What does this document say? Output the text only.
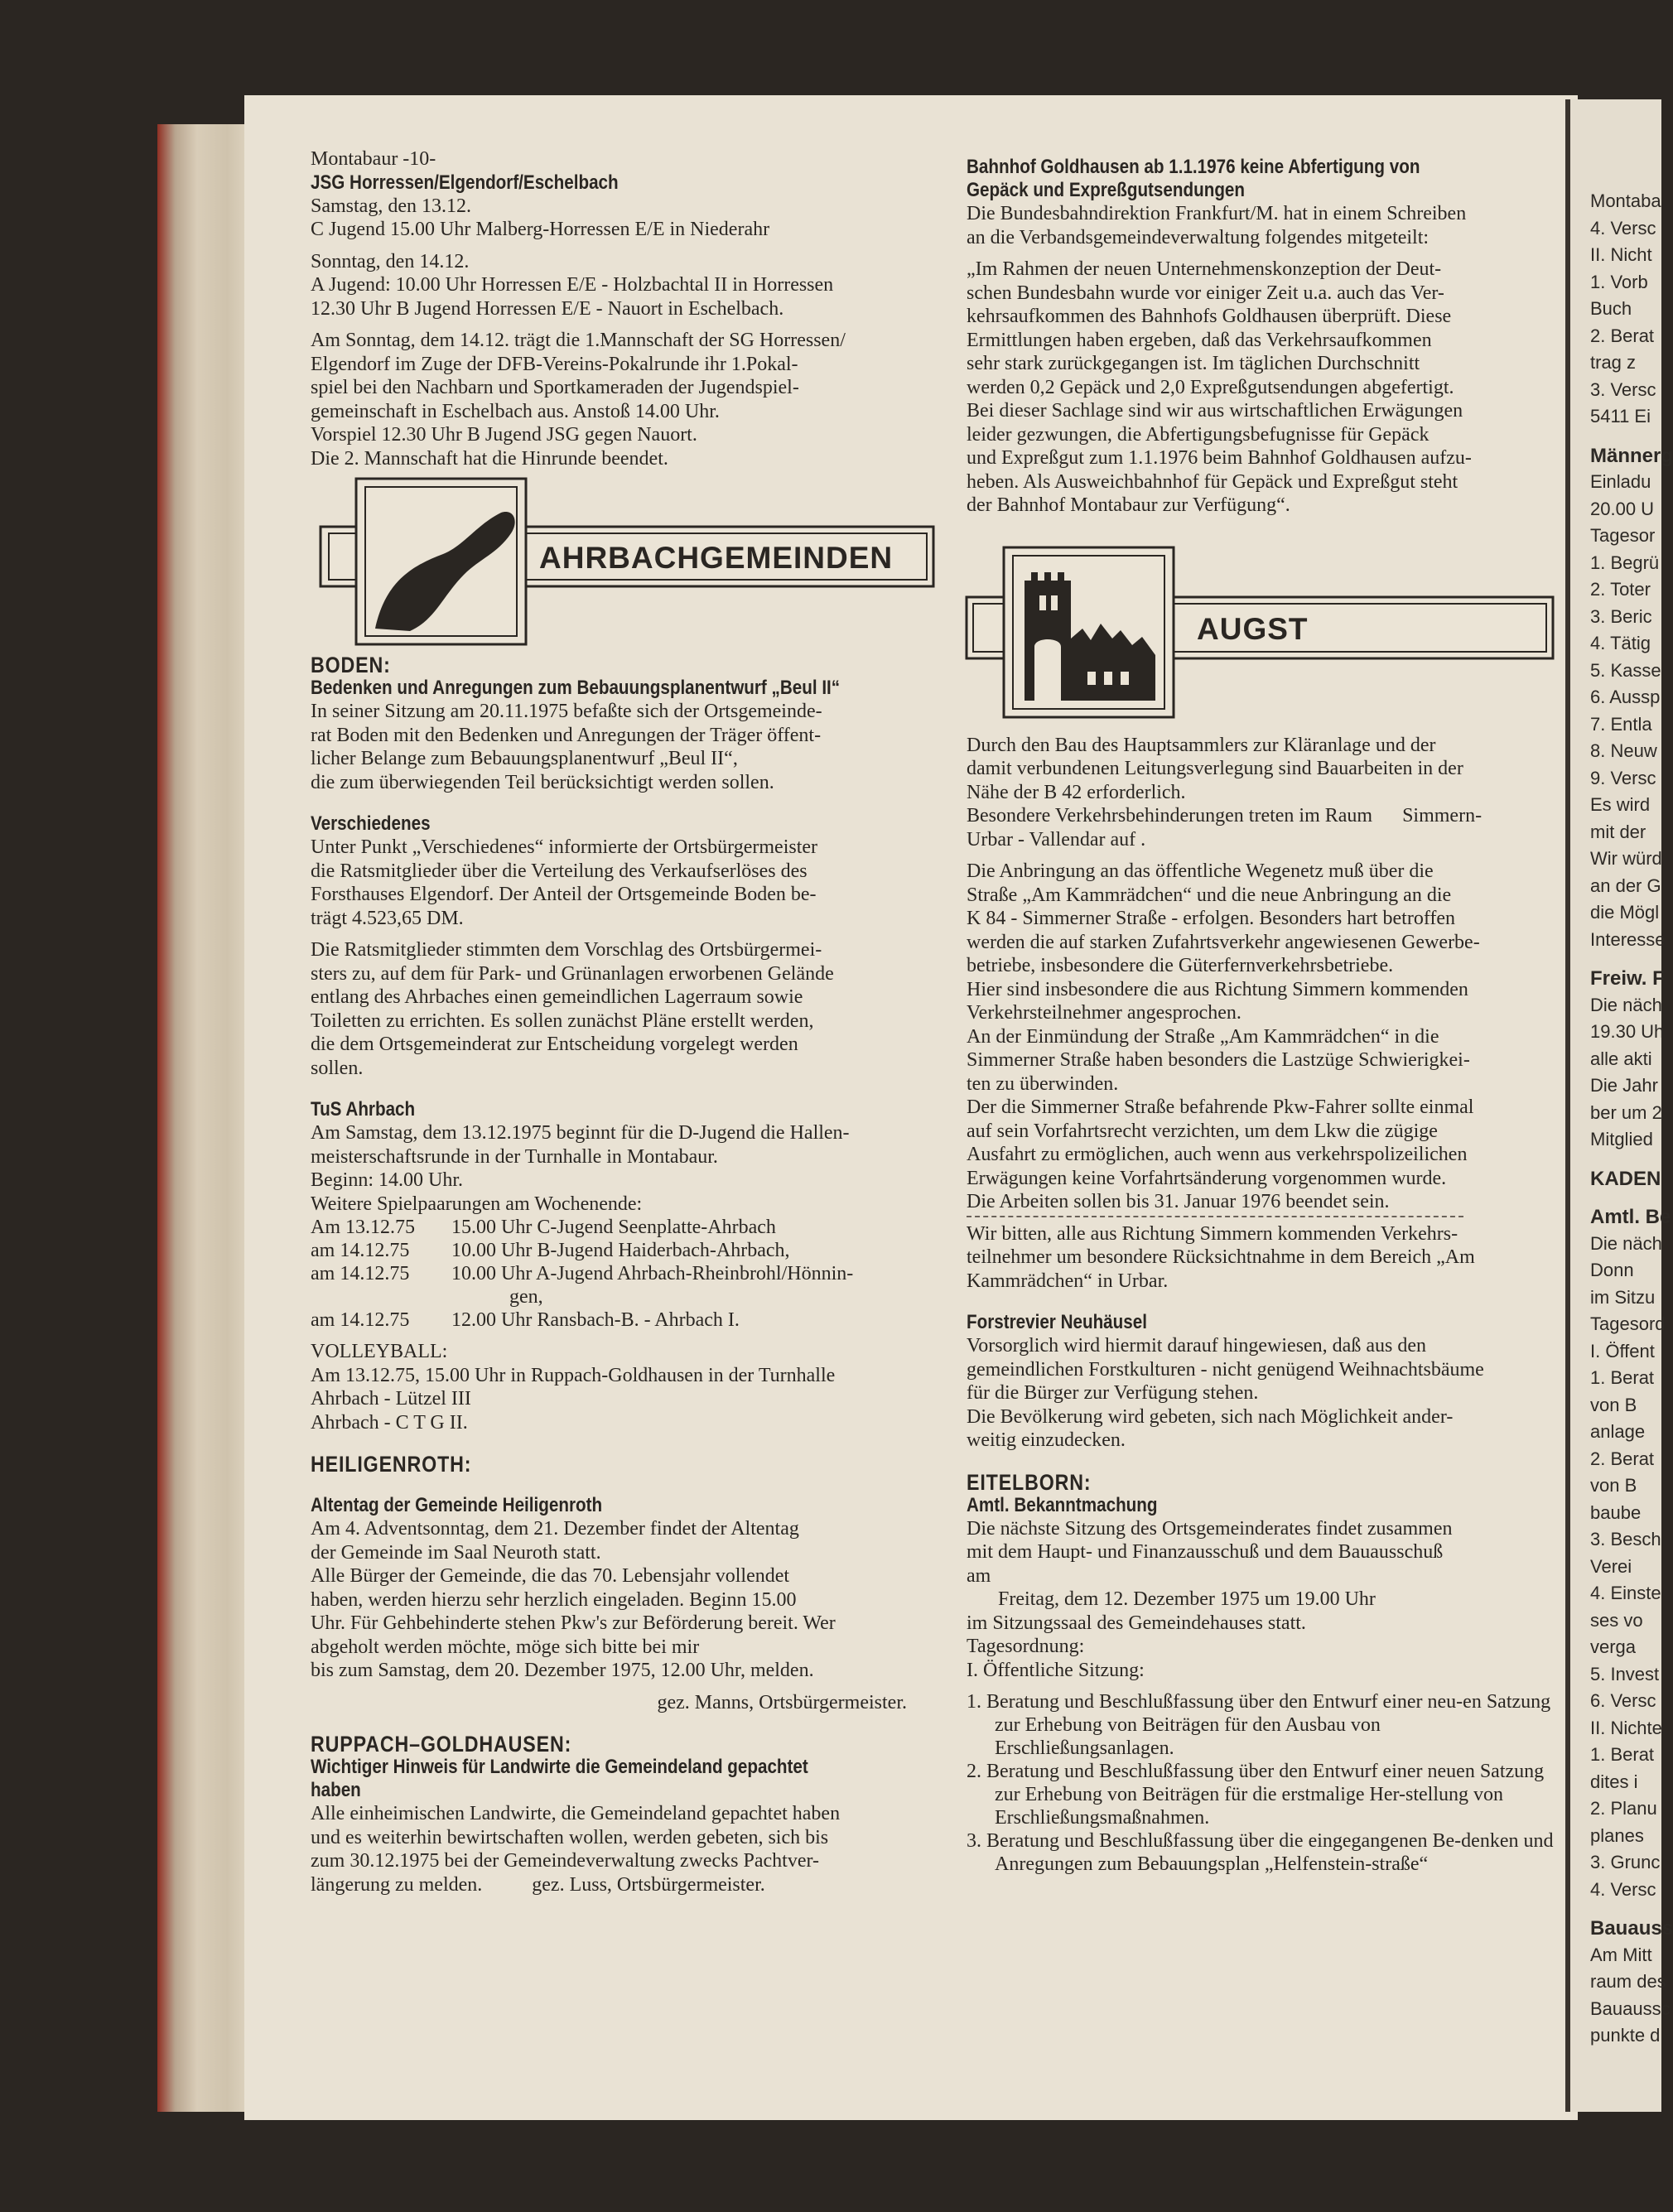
Montaba
4. Versc
II. Nicht
1. Vorb
Buch
2. Berat
trag z
3. Versc
5411 Ei
Männerg
Einladu
20.00 U
Tagesor
1. Begrü
2. Toter
3. Beric
4. Tätig
5. Kasse
6. Aussp
7. Entla
8. Neuw
9. Versc
Es wird
mit der
Wir würd
an der G
die Mögl
Interesse
Freiw. F
Die näch
19.30 Uh
alle akti
Die Jahr
ber um 2
Mitglied
KADEN
Amtl. Be
Die näch
Donn
im Sitzu
Tagesord
I. Öffent
1. Berat
von B
anlage
2. Berat
von B
baube
3. Besch
Verei
4. Einste
ses vo
verga
5. Invest
6. Versc
II. Nichte
1. Berat
dites i
2. Planu
planes
3. Grunc
4. Versc
Bauauss
Am Mitt
raum des
Bauaussc
punkte d

Montabaur -10-

JSG Horressen/Elgendorf/Eschelbach

Samstag, den 13.12.

C Jugend 15.00 Uhr Malberg-Horressen E/E in Niederahr

Sonntag, den 14.12.

A Jugend: 10.00 Uhr Horressen E/E - Holzbachtal II in Horressen

12.30 Uhr B Jugend Horressen E/E - Nauort in Eschelbach.

Am Sonntag, dem 14.12. trägt die 1.Mannschaft der SG Horressen/

Elgendorf im Zuge der DFB-Vereins-Pokalrunde ihr 1.Pokal-

spiel bei den Nachbarn und Sportkameraden der Jugendspiel-

gemeinschaft in Eschelbach aus. Anstoß 14.00 Uhr.

Vorspiel 12.30 Uhr B Jugend JSG gegen Nauort.

Die 2. Mannschaft hat die Hinrunde beendet.

AHRBACHGEMEINDEN
BODEN:
Bedenken und Anregungen zum Bebauungsplanentwurf „Beul II“

In seiner Sitzung am 20.11.1975 befaßte sich der Ortsgemeinde-

rat Boden mit den Bedenken und Anregungen der Träger öffent-

licher Belange zum Bebauungsplanentwurf „Beul II“,

die zum überwiegenden Teil berücksichtigt werden sollen.

Verschiedenes

Unter Punkt „Verschiedenes“ informierte der Ortsbürgermeister

die Ratsmitglieder über die Verteilung des Verkaufserlöses des

Forsthauses Elgendorf. Der Anteil der Ortsgemeinde Boden be-

trägt 4.523,65 DM.

Die Ratsmitglieder stimmten dem Vorschlag des Ortsbürgermei-

sters zu, auf dem für Park- und Grünanlagen erworbenen Gelände

entlang des Ahrbaches einen gemeindlichen Lagerraum sowie

Toiletten zu errichten. Es sollen zunächst Pläne erstellt werden,

die dem Ortsgemeinderat zur Entscheidung vorgelegt werden

sollen.

TuS Ahrbach

Am Samstag, dem 13.12.1975 beginnt für die D-Jugend die Hallen-

meisterschaftsrunde in der Turnhalle in Montabaur.

Beginn: 14.00 Uhr.

Weitere Spielpaarungen am Wochenende:

Am 13.12.75	15.00 Uhr C-Jugend Seenplatte-Ahrbach
am 14.12.75	10.00 Uhr B-Jugend Haiderbach-Ahrbach,
am 14.12.75	10.00 Uhr A-Jugend Ahrbach-Rheinbrohl/Hönnin-
	gen,
am 14.12.75	12.00 Uhr Ransbach-B. - Ahrbach I.

VOLLEYBALL:

Am 13.12.75, 15.00 Uhr in Ruppach-Goldhausen in der Turnhalle

Ahrbach - Lützel III

Ahrbach - C T G II.

HEILIGENROTH:
Altentag der Gemeinde Heiligenroth

Am 4. Adventsonntag, dem 21. Dezember findet der Altentag

der Gemeinde im Saal Neuroth statt.

Alle Bürger der Gemeinde, die das 70. Lebensjahr vollendet

haben, werden hierzu sehr herzlich eingeladen. Beginn 15.00

Uhr. Für Gehbehinderte stehen Pkw's zur Beförderung bereit. Wer

abgeholt werden möchte, möge sich bitte bei mir

bis zum Samstag, dem 20. Dezember 1975, 12.00 Uhr, melden.

gez. Manns, Ortsbürgermeister.

RUPPACH–GOLDHAUSEN:
Wichtiger Hinweis für Landwirte die Gemeindeland gepachtet
haben

Alle einheimischen Landwirte, die Gemeindeland gepachtet haben

und es weiterhin bewirtschaften wollen, werden gebeten, sich bis

zum 30.12.1975 bei der Gemeindeverwaltung zwecks Pachtver-

längerung zu melden.          gez. Luss, Ortsbürgermeister.

Bahnhof Goldhausen ab 1.1.1976 keine Abfertigung von
Gepäck und Expreßgutsendungen

Die Bundesbahndirektion Frankfurt/M. hat in einem Schreiben

an die Verbandsgemeindeverwaltung folgendes mitgeteilt:

„Im Rahmen der neuen Unternehmenskonzeption der Deut-

schen Bundesbahn wurde vor einiger Zeit u.a. auch das Ver-

kehrsaufkommen des Bahnhofs Goldhausen überprüft. Diese

Ermittlungen haben ergeben, daß das Verkehrsaufkommen

sehr stark zurückgegangen ist. Im täglichen Durchschnitt

werden 0,2 Gepäck und 2,0 Expreßgutsendungen abgefertigt.

Bei dieser Sachlage sind wir aus wirtschaftlichen Erwägungen

leider gezwungen, die Abfertigungsbefugnisse für Gepäck

und Expreßgut zum 1.1.1976 beim Bahnhof Goldhausen aufzu-

heben. Als Ausweichbahnhof für Gepäck und Expreßgut steht

der Bahnhof Montabaur zur Verfügung“.

AUGST

Durch den Bau des Hauptsammlers zur Kläranlage und der

damit verbundenen Leitungsverlegung sind Bauarbeiten in der

Nähe der B 42 erforderlich.

Besondere Verkehrsbehinderungen treten im Raum      Simmern-

Urbar - Vallendar auf .

Die Anbringung an das öffentliche Wegenetz muß über die

Straße „Am Kammrädchen“ und die neue Anbringung an die

K 84 - Simmerner Straße - erfolgen. Besonders hart betroffen

werden die auf starken Zufahrtsverkehr angewiesenen Gewerbe-

betriebe, insbesondere die Güterfernverkehrsbetriebe.

Hier sind insbesondere die aus Richtung Simmern kommenden

Verkehrsteilnehmer angesprochen.

An der Einmündung der Straße „Am Kammrädchen“ in die

Simmerner Straße haben besonders die Lastzüge Schwierigkei-

ten zu überwinden.

Der die Simmerner Straße befahrende Pkw-Fahrer sollte einmal

auf sein Vorfahrtsrecht verzichten, um dem Lkw die zügige

Ausfahrt zu ermöglichen, auch wenn aus verkehrspolizeilichen

Erwägungen keine Vorfahrtsänderung vorgenommen wurde.

Die Arbeiten sollen bis 31. Januar 1976 beendet sein.

Wir bitten, alle aus Richtung Simmern kommenden Verkehrs-

teilnehmer um besondere Rücksichtnahme in dem Bereich „Am

Kammrädchen“ in Urbar.

Forstrevier Neuhäusel

Vorsorglich wird hiermit darauf hingewiesen, daß aus den

gemeindlichen Forstkulturen - nicht genügend Weihnachtsbäume

für die Bürger zur Verfügung stehen.

Die Bevölkerung wird gebeten, sich nach Möglichkeit ander-

weitig einzudecken.

EITELBORN:
Amtl. Bekanntmachung

Die nächste Sitzung des Ortsgemeinderates findet zusammen

mit dem Haupt- und Finanzausschuß und dem Bauausschuß

am

Freitag, dem 12. Dezember 1975 um 19.00 Uhr

im Sitzungssaal des Gemeindehauses statt.

Tagesordnung:

I. Öffentliche Sitzung:

1. Beratung und Beschlußfassung über den Entwurf einer neu-en Satzung zur Erhebung von Beiträgen für den Ausbau von Erschließungsanlagen.
2. Beratung und Beschlußfassung über den Entwurf einer neuen Satzung zur Erhebung von Beiträgen für die erstmalige Her-stellung von Erschließungsmaßnahmen.
3. Beratung und Beschlußfassung über die eingegangenen Be-denken und Anregungen zum Bebauungsplan „Helfenstein-straße“
